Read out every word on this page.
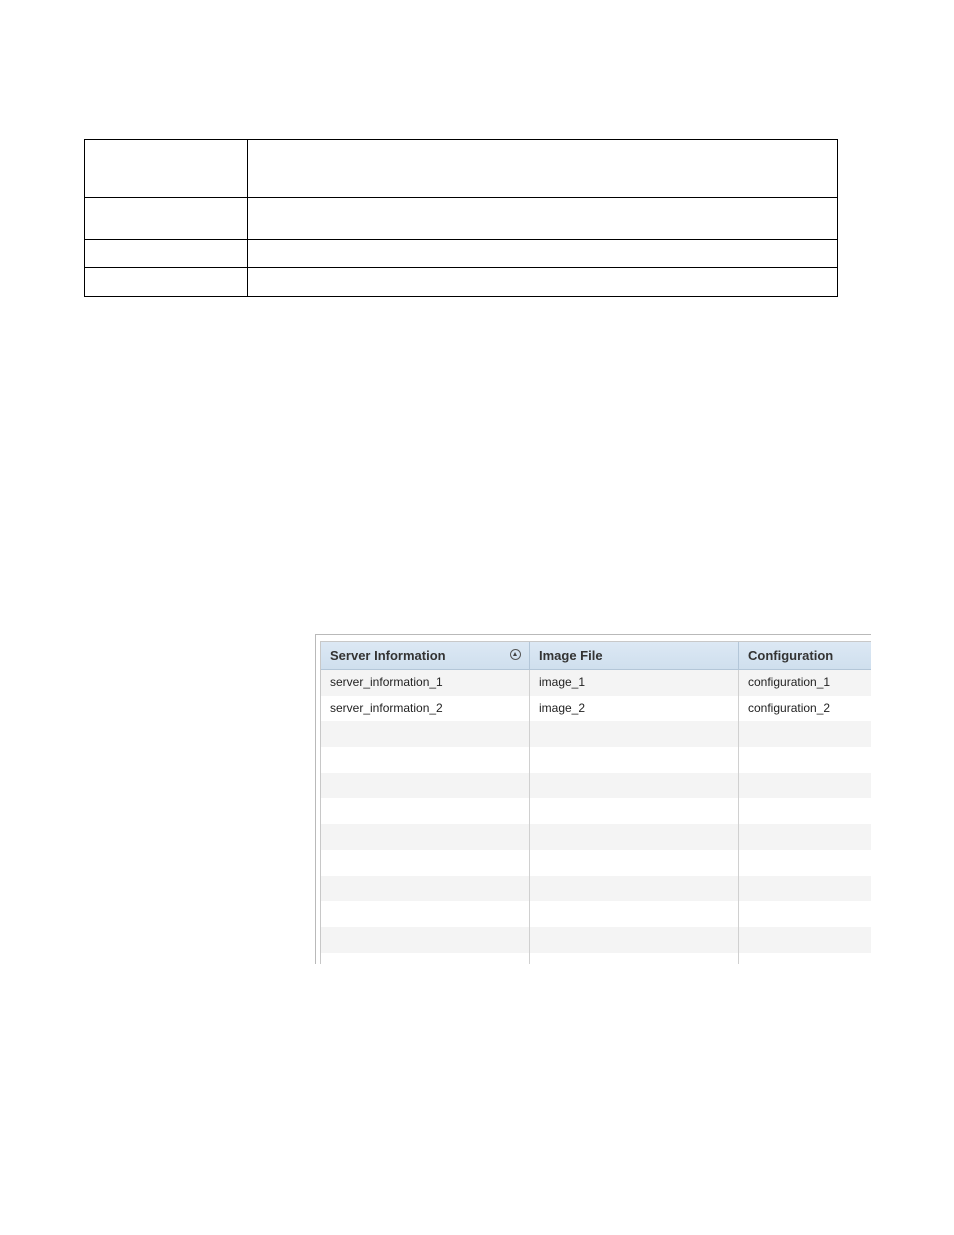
Server Information	Image File	Configuration
server_information_1	image_1	configuration_1
server_information_2	image_2	configuration_2
